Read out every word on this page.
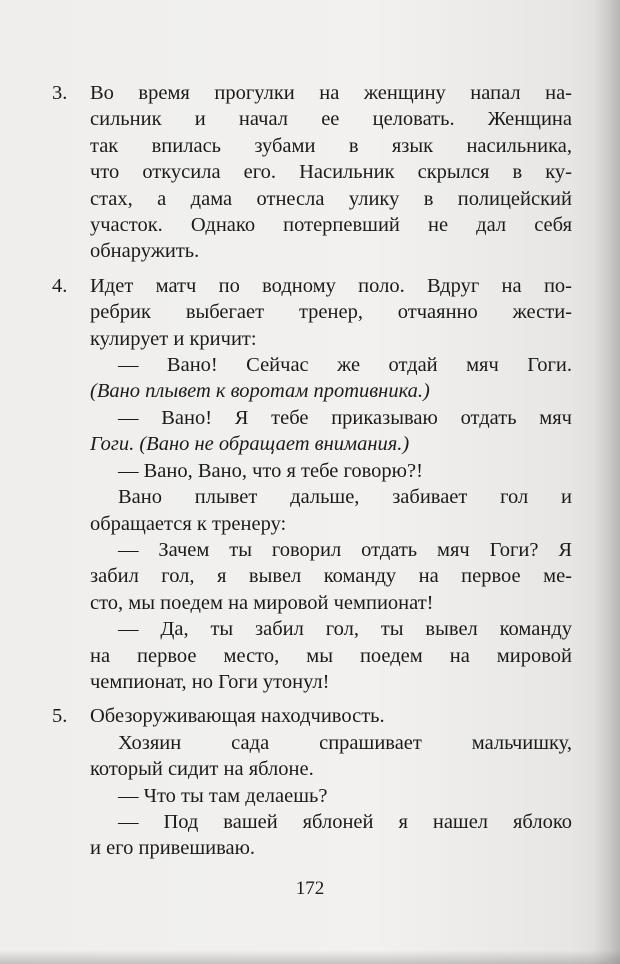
3. Во время прогулки на женщину напал на-
сильник и начал ее целовать. Женщина
так впилась зубами в язык насильника,
что откусила его. Насильник скрылся в ку-
стах, а дама отнесла улику в полицейский
участок. Однако потерпевший не дал себя
обнаружить.
4. Идет матч по водному поло. Вдруг на по-
ребрик выбегает тренер, отчаянно жести-
кулирует и кричит:
— Вано! Сейчас же отдай мяч Гоги.
(Вано плывет к воротам противника.)
— Вано! Я тебе приказываю отдать мяч
Гоги. (Вано не обращает внимания.)
— Вано, Вано, что я тебе говорю?!
Вано плывет дальше, забивает гол и
обращается к тренеру:
— Зачем ты говорил отдать мяч Гоги? Я
забил гол, я вывел команду на первое ме-
сто, мы поедем на мировой чемпионат!
— Да, ты забил гол, ты вывел команду
на первое место, мы поедем на мировой
чемпионат, но Гоги утонул!
5. Обезоруживающая находчивость.
Хозяин сада спрашивает мальчишку,
который сидит на яблоне.
— Что ты там делаешь?
— Под вашей яблоней я нашел яблоко
и его привешиваю.
172
